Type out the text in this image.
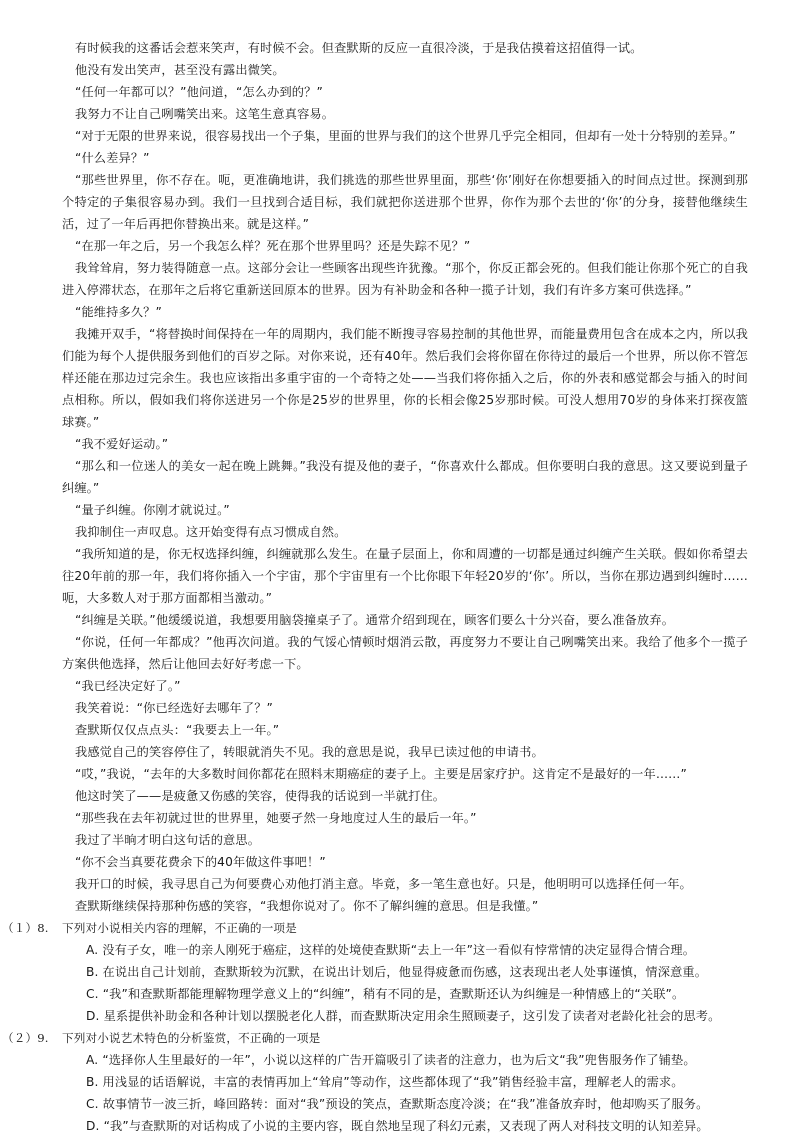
有时候我的这番话会惹来笑声，有时候不会。但查默斯的反应一直很冷淡，于是我估摸着这招值得一试。

他没有发出笑声，甚至没有露出微笑。

“任何一年都可以？”他问道，“怎么办到的？”

我努力不让自己咧嘴笑出来。这笔生意真容易。

“对于无限的世界来说，很容易找出一个子集，里面的世界与我们的这个世界几乎完全相同，但却有一处十分特别的差异。”

“什么差异？”

“那些世界里，你不存在。呃，更准确地讲，我们挑选的那些世界里面，那些‘你’刚好在你想要插入的时间点过世。探测到那个特定的子集很容易办到。我们一旦找到合适目标，我们就把你送进那个世界，你作为那个去世的‘你’的分身，接替他继续生活，过了一年后再把你替换出来。就是这样。”

“在那一年之后，另一个我怎么样？死在那个世界里吗？还是失踪不见？”

我耸耸肩，努力装得随意一点。这部分会让一些顾客出现些许犹豫。“那个，你反正都会死的。但我们能让你那个死亡的自我进入停滞状态，在那年之后将它重新送回原本的世界。因为有补助金和各种一揽子计划，我们有许多方案可供选择。”

“能维持多久？”

我摊开双手，“将替换时间保持在一年的周期内，我们能不断搜寻容易控制的其他世界，而能量费用包含在成本之内，所以我们能为每个人提供服务到他们的百岁之际。对你来说，还有40年。然后我们会将你留在你待过的最后一个世界，所以你不管怎样还能在那边过完余生。我也应该指出多重宇宙的一个奇特之处——当我们将你插入之后，你的外表和感觉都会与插入的时间点相称。所以，假如我们将你送进另一个你是25岁的世界里，你的长相会像25岁那时候。可没人想用70岁的身体来打探夜篮球赛。”

“我不爱好运动。”

“那么和一位迷人的美女一起在晚上跳舞。”我没有提及他的妻子，“你喜欢什么都成。但你要明白我的意思。这又要说到量子纠缠。”

“量子纠缠。你刚才就说过。”

我抑制住一声叹息。这开始变得有点习惯成自然。

“我所知道的是，你无权选择纠缠，纠缠就那么发生。在量子层面上，你和周遭的一切都是通过纠缠产生关联。假如你希望去往20年前的那一年，我们将你插入一个宇宙，那个宇宙里有一个比你眼下年轻20岁的‘你’。所以，当你在那边遇到纠缠时……呃，大多数人对于那方面都相当激动。”

“纠缠是关联。”他缓缓说道，我想要用脑袋撞桌子了。通常介绍到现在，顾客们要么十分兴奋，要么准备放弃。

“你说，任何一年都成？”他再次问道。我的气馁心情顿时烟消云散，再度努力不要让自己咧嘴笑出来。我给了他多个一揽子方案供他选择，然后让他回去好好考虑一下。

“我已经决定好了。”

我笑着说：“你已经选好去哪年了？”

查默斯仅仅点点头：“我要去上一年。”

我感觉自己的笑容停住了，转眼就消失不见。我的意思是说，我早已读过他的申请书。

“哎，”我说，“去年的大多数时间你都花在照料末期癌症的妻子上。主要是居家疗护。这肯定不是最好的一年……”

他这时笑了——是疲惫又伤感的笑容，使得我的话说到一半就打住。

“那些我在去年初就过世的世界里，她要孑然一身地度过人生的最后一年。”

我过了半晌才明白这句话的意思。

“你不会当真要花费余下的40年做这件事吧！”

我开口的时候，我寻思自己为何要费心劝他打消主意。毕竟，多一笔生意也好。只是，他明明可以选择任何一年。

查默斯继续保持那种伤感的笑容，“我想你说对了。你不了解纠缠的意思。但是我懂。”

（１）8. 下列对小说相关内容的理解，不正确的一项是

A. 没有子女，唯一的亲人刚死于癌症，这样的处境使查默斯“去上一年”这一看似有悖常情的决定显得合情合理。

B. 在说出自己计划前，查默斯较为沉默，在说出计划后，他显得疲惫而伤感，这表现出老人处事谨慎，情深意重。

C. “我”和查默斯都能理解物理学意义上的“纠缠”，稍有不同的是，查默斯还认为纠缠是一种情感上的“关联”。

D. 星系提供补助金和各种计划以摆脱老化人群，而查默斯决定用余生照顾妻子，这引发了读者对老龄化社会的思考。

（２）9. 下列对小说艺术特色的分析鉴赏，不正确的一项是

A. “选择你人生里最好的一年”，小说以这样的广告开篇吸引了读者的注意力，也为后文“我”兜售服务作了铺垫。

B. 用浅显的话语解说，丰富的表情再加上“耸肩”等动作，这些都体现了“我”销售经验丰富，理解老人的需求。

C. 故事情节一波三折，峰回路转：面对“我”预设的笑点，查默斯态度冷淡；在“我”准备放弃时，他却购买了服务。

D. “我”与查默斯的对话构成了小说的主要内容，既自然地呈现了科幻元素，又表现了两人对科技文明的认知差异。
